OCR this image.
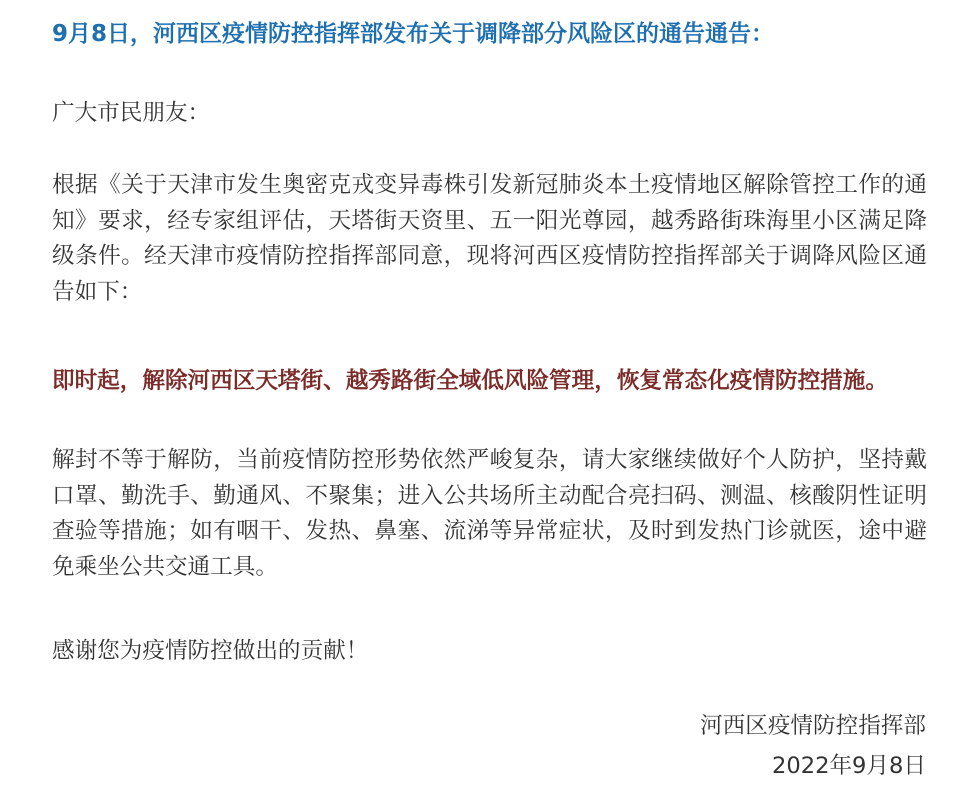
9月8日，河西区疫情防控指挥部发布关于调降部分风险区的通告通告：

广大市民朋友：

根据《关于天津市发生奥密克戎变异毒株引发新冠肺炎本土疫情地区解除管控工作的通知》要求，经专家组评估，天塔街天资里、五一阳光尊园，越秀路街珠海里小区满足降级条件。经天津市疫情防控指挥部同意，现将河西区疫情防控指挥部关于调降风险区通告如下：

即时起，解除河西区天塔街、越秀路街全域低风险管理，恢复常态化疫情防控措施。

解封不等于解防，当前疫情防控形势依然严峻复杂，请大家继续做好个人防护，坚持戴口罩、勤洗手、勤通风、不聚集；进入公共场所主动配合亮扫码、测温、核酸阴性证明查验等措施；如有咽干、发热、鼻塞、流涕等异常症状，及时到发热门诊就医，途中避免乘坐公共交通工具。

感谢您为疫情防控做出的贡献！

河西区疫情防控指挥部

2022年9月8日
